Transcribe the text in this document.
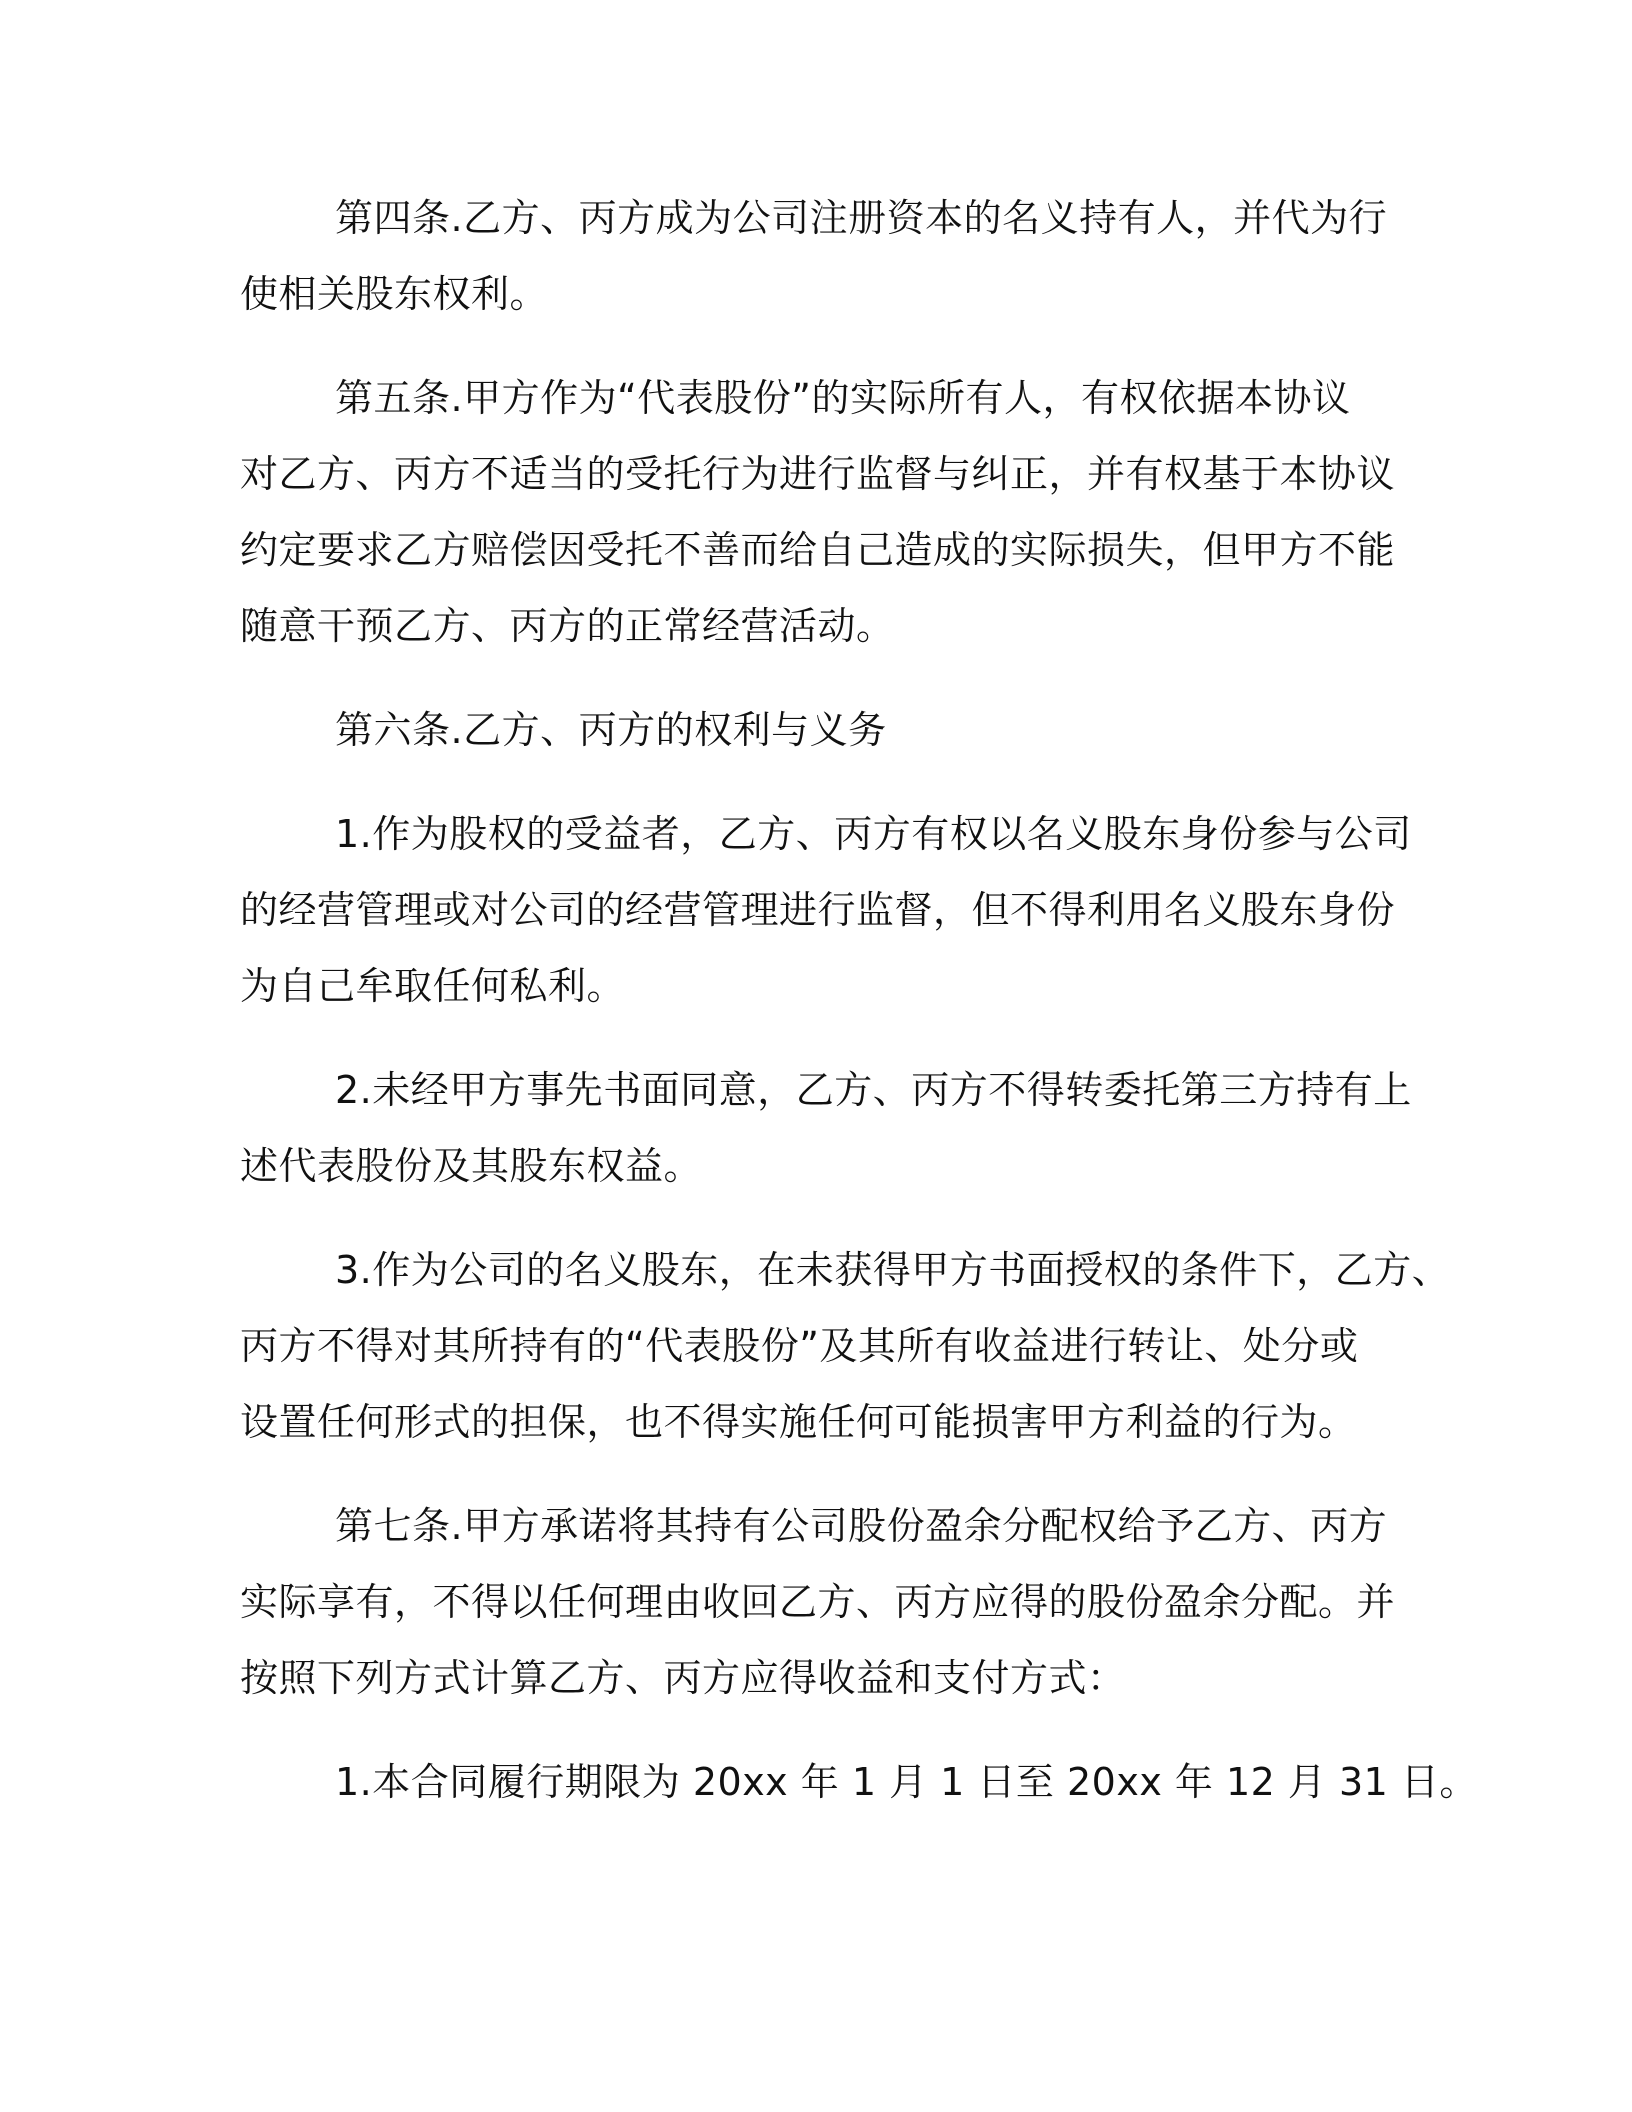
第四条.乙方、丙方成为公司注册资本的名义持有人，并代为行
使相关股东权利。
第五条.甲方作为“代表股份”的实际所有人，有权依据本协议
对乙方、丙方不适当的受托行为进行监督与纠正，并有权基于本协议
约定要求乙方赔偿因受托不善而给自己造成的实际损失，但甲方不能
随意干预乙方、丙方的正常经营活动。
第六条.乙方、丙方的权利与义务
1.作为股权的受益者，乙方、丙方有权以名义股东身份参与公司
的经营管理或对公司的经营管理进行监督，但不得利用名义股东身份
为自己牟取任何私利。
2.未经甲方事先书面同意，乙方、丙方不得转委托第三方持有上
述代表股份及其股东权益。
3.作为公司的名义股东，在未获得甲方书面授权的条件下，乙方、
丙方不得对其所持有的“代表股份”及其所有收益进行转让、处分或
设置任何形式的担保，也不得实施任何可能损害甲方利益的行为。
第七条.甲方承诺将其持有公司股份盈余分配权给予乙方、丙方
实际享有，不得以任何理由收回乙方、丙方应得的股份盈余分配。并
按照下列方式计算乙方、丙方应得收益和支付方式：
1.本合同履行期限为 20xx 年 1 月 1 日至 20xx 年 12 月 31 日。
